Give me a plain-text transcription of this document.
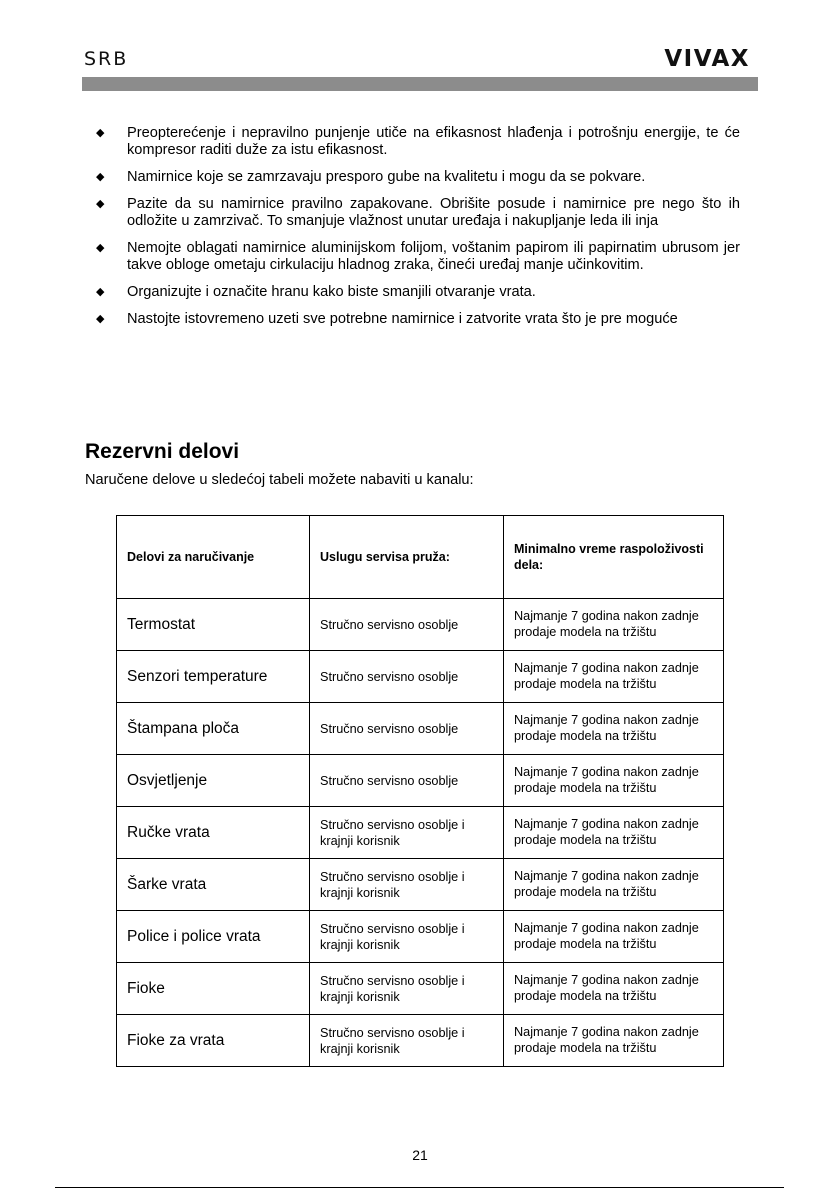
SRB	VIVAX
◆ Preopterećenje i nepravilno punjenje utiče na efikasnost hlađenja i potrošnju energije, te će kompresor raditi duže za istu efikasnost.
◆ Namirnice koje se zamrzavaju presporo gube na kvalitetu i mogu da se pokvare.
◆ Pazite da su namirnice pravilno zapakovane. Obrišite posude i namirnice pre nego što ih odložite u zamrzivač. To smanjuje vlažnost unutar uređaja i nakupljanje leda ili inja
◆ Nemojte oblagati namirnice aluminijskom folijom, voštanim papirom ili papirnatim ubrusom jer takve obloge ometaju cirkulaciju hladnog zraka, čineći uređaj manje učinkovitim.
◆ Organizujte i označite hranu kako biste smanjili otvaranje vrata.
◆ Nastojte istovremeno uzeti sve potrebne namirnice i zatvorite vrata što je pre moguće
Rezervni delovi

Naručene delove u sledećoj tabeli možete nabaviti u kanalu:

Delovi za naručivanje	Uslugu servisa pruža:	Minimalno vreme raspoloživosti dela:
Termostat	Stručno servisno osoblje	Najmanje 7 godina nakon zadnje prodaje modela na tržištu
Senzori temperature	Stručno servisno osoblje	Najmanje 7 godina nakon zadnje prodaje modela na tržištu
Štampana ploča	Stručno servisno osoblje	Najmanje 7 godina nakon zadnje prodaje modela na tržištu
Osvjetljenje	Stručno servisno osoblje	Najmanje 7 godina nakon zadnje prodaje modela na tržištu
Ručke vrata	Stručno servisno osoblje i krajnji korisnik	Najmanje 7 godina nakon zadnje prodaje modela na tržištu
Šarke vrata	Stručno servisno osoblje i krajnji korisnik	Najmanje 7 godina nakon zadnje prodaje modela na tržištu
Police i police vrata	Stručno servisno osoblje i krajnji korisnik	Najmanje 7 godina nakon zadnje prodaje modela na tržištu
Fioke	Stručno servisno osoblje i krajnji korisnik	Najmanje 7 godina nakon zadnje prodaje modela na tržištu
Fioke za vrata	Stručno servisno osoblje i krajnji korisnik	Najmanje 7 godina nakon zadnje prodaje modela na tržištu
21
